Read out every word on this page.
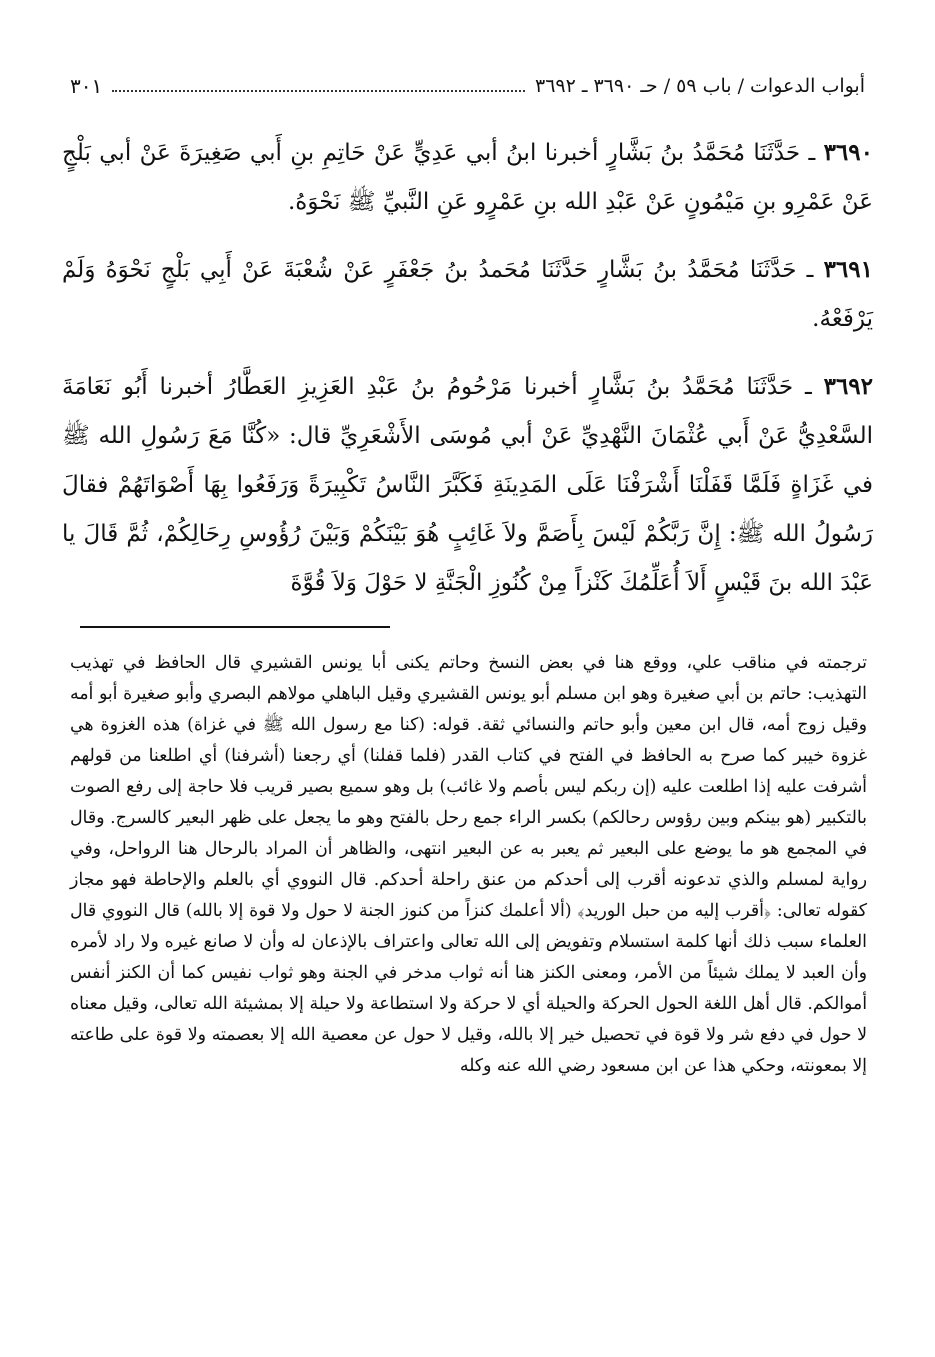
أبواب الدعوات / باب ٥٩ / حـ ٣٦٩٠ ـ ٣٦٩٢
٣٠١

٣٦٩٠ ـ حَدَّثَنَا مُحَمَّدُ بنُ بَشَّارٍ أخبرنا ابنُ أبي عَدِيٍّ عَنْ حَاتِمِ بنِ أَبي صَغِيرَةَ عَنْ أبي بَلْجٍ عَنْ عَمْرِو بنِ مَيْمُونٍ عَنْ عَبْدِ الله بنِ عَمْرٍو عَنِ النَّبيِّ ﷺ نَحْوَهُ.

٣٦٩١ ـ حَدَّثَنَا مُحَمَّدُ بنُ بَشَّارٍ حَدَّثَنَا مُحَمدُ بنُ جَعْفَرٍ عَنْ شُعْبَةَ عَنْ أَبِي بَلْجٍ نَحْوَهُ وَلَمْ يَرْفَعْهُ.

٣٦٩٢ ـ حَدَّثَنَا مُحَمَّدُ بنُ بَشَّارٍ أخبرنا مَرْحُومُ بنُ عَبْدِ العَزِيزِ العَطَّارُ أخبرنا أَبُو نَعَامَةَ السَّعْدِيُّ عَنْ أَبي عُثْمَانَ النَّهْدِيِّ عَنْ أبي مُوسَى الأَشْعَرِيِّ قال: «كُنَّا مَعَ رَسُولِ الله ﷺ في غَزَاةٍ فَلَمَّا قَفَلْنَا أَشْرَفْنَا عَلَى المَدِينَةِ فَكَبَّرَ النَّاسُ تَكْبِيرَةً وَرَفَعُوا بِهَا أَصْوَاتَهُمْ فقالَ رَسُولُ الله ﷺ: إِنَّ رَبَّكُمْ لَيْسَ بِأَصَمَّ ولاَ غَائِبٍ هُوَ بَيْنَكُمْ وَبَيْنَ رُؤُوسِ رِحَالِكُمْ، ثُمَّ قَالَ يا عَبْدَ الله بنَ قَيْسٍ أَلاَ أُعَلِّمُكَ كَنْزاً مِنْ كُنُوزِ الْجَنَّةِ لا حَوْلَ وَلاَ قُوَّةَ

ترجمته في مناقب علي، ووقع هنا في بعض النسخ وحاتم يكنى أبا يونس القشيري قال الحافظ في تهذيب التهذيب: حاتم بن أبي صغيرة وهو ابن مسلم أبو يونس القشيري وقيل الباهلي مولاهم البصري وأبو صغيرة أبو أمه وقيل زوج أمه، قال ابن معين وأبو حاتم والنسائي ثقة. قوله: (كنا مع رسول الله ﷺ في غزاة) هذه الغزوة هي غزوة خيبر كما صرح به الحافظ في الفتح في كتاب القدر (فلما قفلنا) أي رجعنا (أشرفنا) أي اطلعنا من قولهم أشرفت عليه إذا اطلعت عليه (إن ربكم ليس بأصم ولا غائب) بل وهو سميع بصير قريب فلا حاجة إلى رفع الصوت بالتكبير (هو بينكم وبين رؤوس رحالكم) بكسر الراء جمع رحل بالفتح وهو ما يجعل على ظهر البعير كالسرج. وقال في المجمع هو ما يوضع على البعير ثم يعبر به عن البعير انتهى، والظاهر أن المراد بالرحال هنا الرواحل، وفي رواية لمسلم والذي تدعونه أقرب إلى أحدكم من عنق راحلة أحدكم. قال النووي أي بالعلم والإحاطة فهو مجاز كقوله تعالى: ﴿أقرب إليه من حبل الوريد﴾ (ألا أعلمك كنزاً من كنوز الجنة لا حول ولا قوة إلا بالله) قال النووي قال العلماء سبب ذلك أنها كلمة استسلام وتفويض إلى الله تعالى واعتراف بالإذعان له وأن لا صانع غيره ولا راد لأمره وأن العبد لا يملك شيئاً من الأمر، ومعنى الكنز هنا أنه ثواب مدخر في الجنة وهو ثواب نفيس كما أن الكنز أنفس أموالكم. قال أهل اللغة الحول الحركة والحيلة أي لا حركة ولا استطاعة ولا حيلة إلا بمشيئة الله تعالى، وقيل معناه لا حول في دفع شر ولا قوة في تحصيل خير إلا بالله، وقيل لا حول عن معصية الله إلا بعصمته ولا قوة على طاعته إلا بمعونته، وحكي هذا عن ابن مسعود رضي الله عنه وكله
